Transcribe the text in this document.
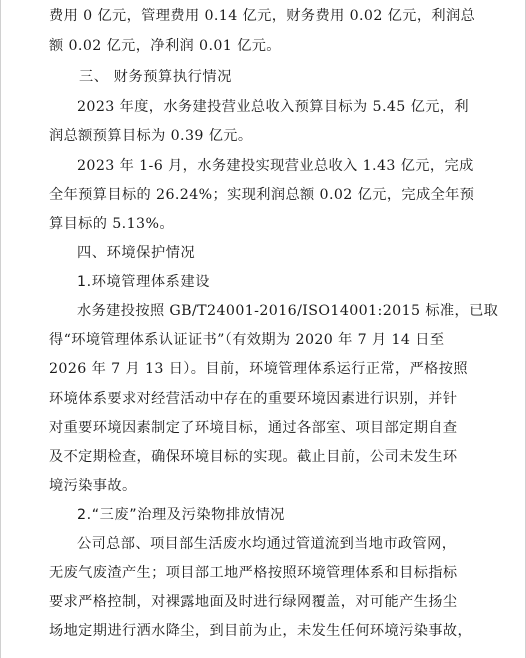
费用 0 亿元，管理费用 0.14 亿元，财务费用 0.02 亿元，利润总
额 0.02 亿元，净利润 0.01 亿元。
三、 财务预算执行情况
2023 年度，水务建投营业总收入预算目标为 5.45 亿元，利
润总额预算目标为 0.39 亿元。
2023 年 1-6 月，水务建投实现营业总收入 1.43 亿元，完成
全年预算目标的 26.24%；实现利润总额 0.02 亿元，完成全年预
算目标的 5.13%。
四、环境保护情况
1.环境管理体系建设
水务建投按照 GB/T24001-2016/ISO14001:2015 标准，已取
得“环境管理体系认证证书”（有效期为 2020 年 7 月 14 日至
2026 年 7 月 13 日）。目前，环境管理体系运行正常，严格按照
环境体系要求对经营活动中存在的重要环境因素进行识别，并针
对重要环境因素制定了环境目标，通过各部室、项目部定期自查
及不定期检查，确保环境目标的实现。截止目前，公司未发生环
境污染事故。
2.“三废”治理及污染物排放情况
公司总部、项目部生活废水均通过管道流到当地市政管网，
无废气废渣产生；项目部工地严格按照环境管理体系和目标指标
要求严格控制，对裸露地面及时进行绿网覆盖，对可能产生扬尘
场地定期进行洒水降尘，到目前为止，未发生任何环境污染事故，
